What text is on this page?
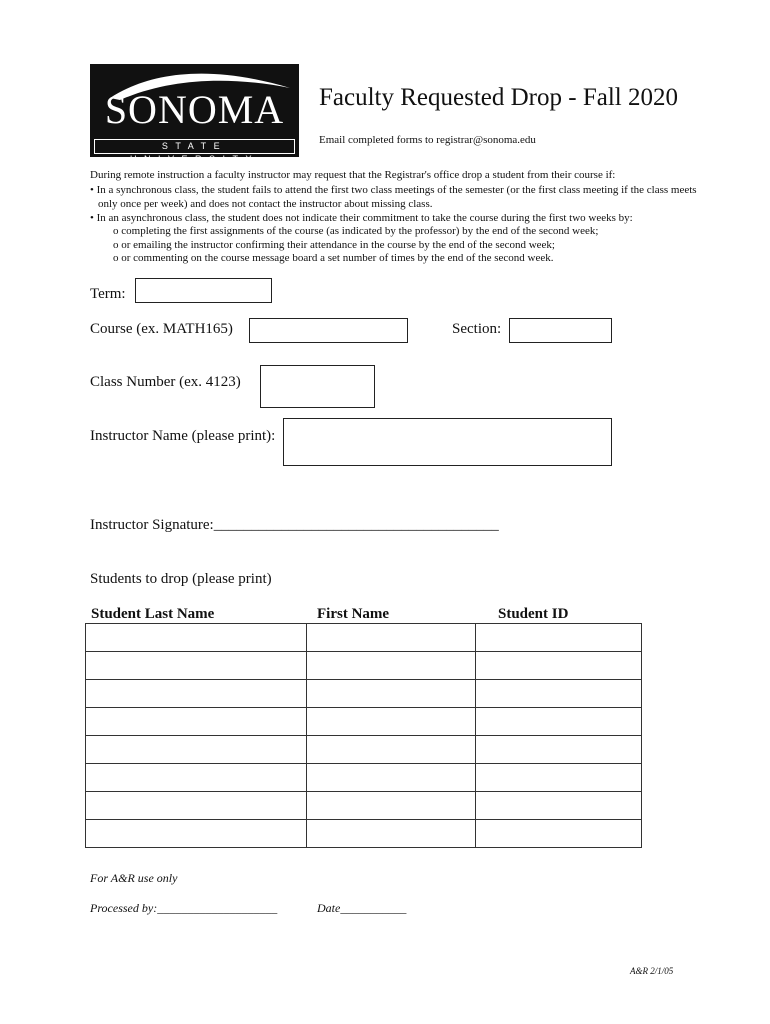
SONOMA
STATE UNIVERSITY
Faculty Requested Drop - Fall 2020
Email completed forms to registrar@sonoma.edu
During remote instruction a faculty instructor may request that the Registrar's office drop a student from their course if:
• In a synchronous class, the student fails to attend the first two class meetings of the semester (or the first class meeting if the class meets
only once per week) and does not contact the instructor about missing class.
• In an asynchronous class, the student does not indicate their commitment to take the course during the first two weeks by:
o completing the first assignments of the course (as indicated by the professor) by the end of the second week;
o or emailing the instructor confirming their attendance in the course by the end of the second week;
o or commenting on the course message board a set number of times by the end of the second week.
Term:
Course (ex. MATH165)	Section:
Class Number (ex. 4123)
Instructor Name (please print):
Instructor Signature:______________________________________
Students to drop (please print)
Student Last Name	First Name	Student ID

For A&R use only
Processed by:____________________	Date___________
A&R 2/1/05
